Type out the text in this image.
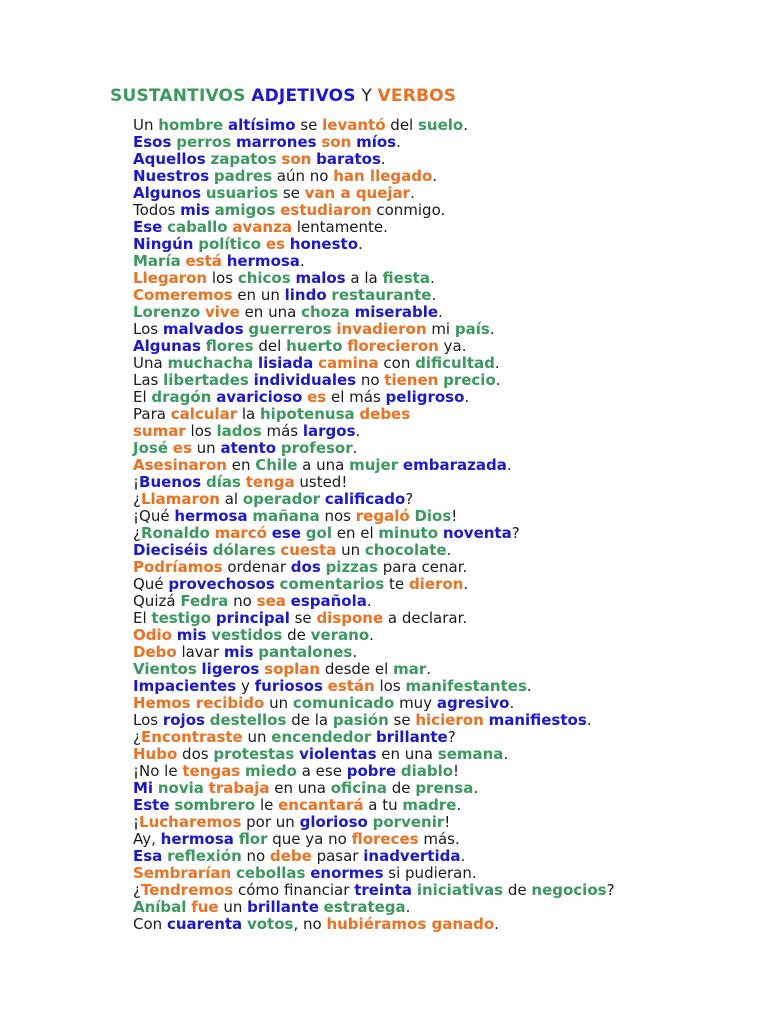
SUSTANTIVOS ADJETIVOS Y VERBOS
Un hombre altísimo se levantó del suelo.
Esos perros marrones son míos.
Aquellos zapatos son baratos.
Nuestros padres aún no han llegado.
Algunos usuarios se van a quejar.
Todos mis amigos estudiaron conmigo.
Ese caballo avanza lentamente.
Ningún político es honesto.
María está hermosa.
Llegaron los chicos malos a la fiesta.
Comeremos en un lindo restaurante.
Lorenzo vive en una choza miserable.
Los malvados guerreros invadieron mi país.
Algunas flores del huerto florecieron ya.
Una muchacha lisiada camina con dificultad.
Las libertades individuales no tienen precio.
El dragón avaricioso es el más peligroso.
Para calcular la hipotenusa debes
sumar los lados más largos.
José es un atento profesor.
Asesinaron en Chile a una mujer embarazada.
¡Buenos días tenga usted!
¿Llamaron al operador calificado?
¡Qué hermosa mañana nos regaló Dios!
¿Ronaldo marcó ese gol en el minuto noventa?
Dieciséis dólares cuesta un chocolate.
Podríamos ordenar dos pizzas para cenar.
Qué provechosos comentarios te dieron.
Quizá Fedra no sea española.
El testigo principal se dispone a declarar.
Odio mis vestidos de verano.
Debo lavar mis pantalones.
Vientos ligeros soplan desde el mar.
Impacientes y furiosos están los manifestantes.
Hemos recibido un comunicado muy agresivo.
Los rojos destellos de la pasión se hicieron manifiestos.
¿Encontraste un encendedor brillante?
Hubo dos protestas violentas en una semana.
¡No le tengas miedo a ese pobre diablo!
Mi novia trabaja en una oficina de prensa.
Este sombrero le encantará a tu madre.
¡Lucharemos por un glorioso porvenir!
Ay, hermosa flor que ya no floreces más.
Esa reflexión no debe pasar inadvertida.
Sembrarían cebollas enormes si pudieran.
¿Tendremos cómo financiar treinta iniciativas de negocios?
Aníbal fue un brillante estratega.
Con cuarenta votos, no hubiéramos ganado.
